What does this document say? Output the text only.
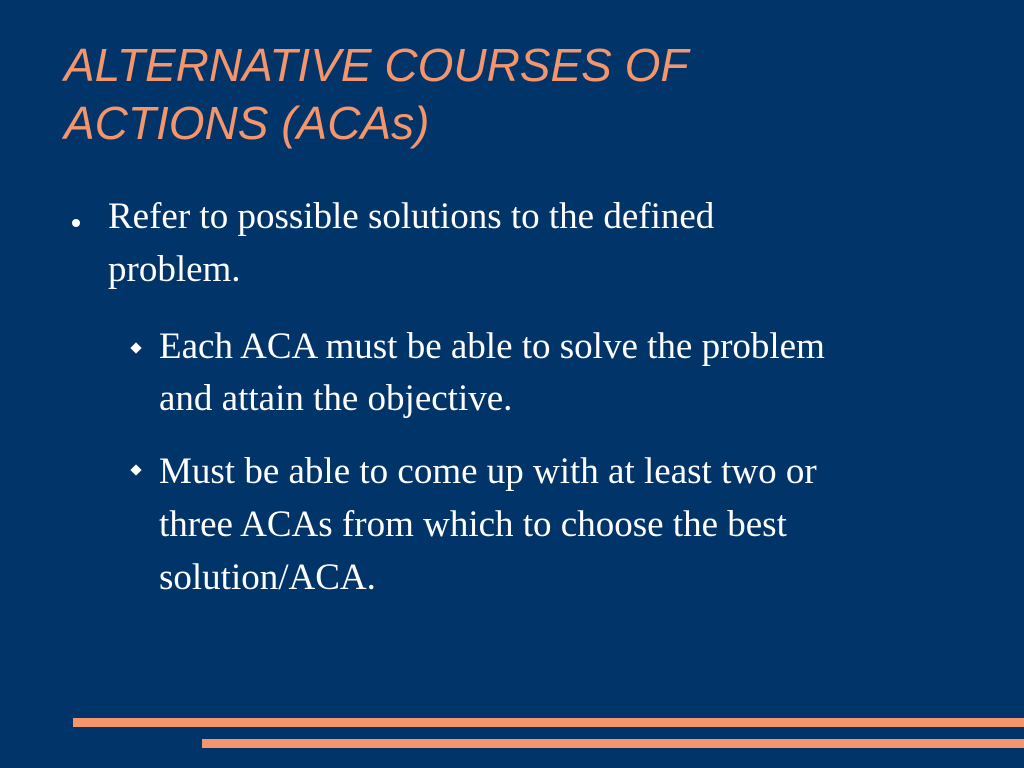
ALTERNATIVE COURSES OF
ACTIONS (ACAs)
Refer to possible solutions to the defined
problem.
Each ACA must be able to solve the problem
and attain the objective.
Must be able to come up with at least two or
three ACAs from which to choose the best
solution/ACA.
